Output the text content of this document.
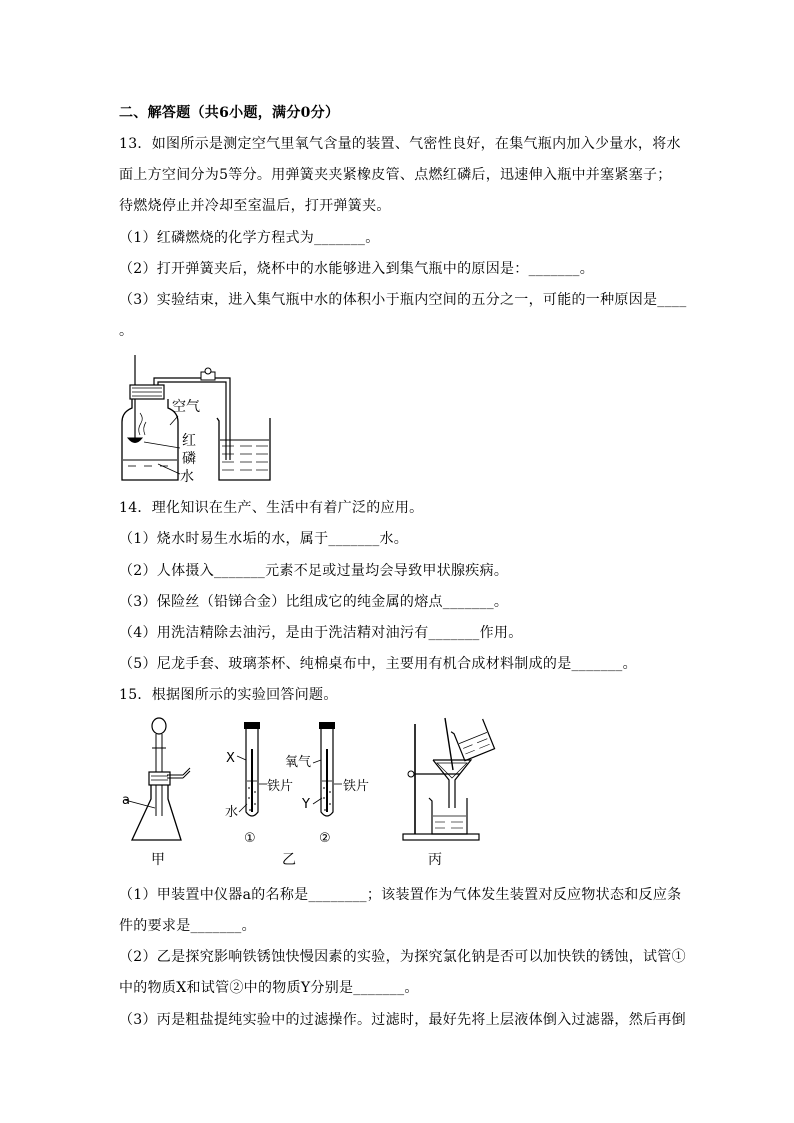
二、解答题（共6小题，满分0分）
13．如图所示是测定空气里氧气含量的装置、气密性良好，在集气瓶内加入少量水，将水
面上方空间分为5等分。用弹簧夹夹紧橡皮管、点燃红磷后，迅速伸入瓶中并塞紧塞子；
待燃烧停止并冷却至室温后，打开弹簧夹。
（1）红磷燃烧的化学方程式为_______。
（2）打开弹簧夹后，烧杯中的水能够进入到集气瓶中的原因是：_______。
（3）实验结束，进入集气瓶中水的体积小于瓶内空间的五分之一，可能的一种原因是____
。
空气
红
磷
水
14．理化知识在生产、生活中有着广泛的应用。
（1）烧水时易生水垢的水，属于_______水。
（2）人体摄入_______元素不足或过量均会导致甲状腺疾病。
（3）保险丝（铅锑合金）比组成它的纯金属的熔点_______。
（4）用洗洁精除去油污，是由于洗洁精对油污有_______作用。
（5）尼龙手套、玻璃茶杯、纯棉桌布中，主要用有机合成材料制成的是_______。
15．根据图所示的实验回答问题。
a
甲
X
水
铁片
①
氧气
Y
铁片
②
乙	丙
（1）甲装置中仪器a的名称是________；该装置作为气体发生装置对反应物状态和反应条
件的要求是_______。
（2）乙是探究影响铁锈蚀快慢因素的实验，为探究氯化钠是否可以加快铁的锈蚀，试管①
中的物质X和试管②中的物质Y分别是_______。
（3）丙是粗盐提纯实验中的过滤操作。过滤时，最好先将上层液体倒入过滤器，然后再倒
